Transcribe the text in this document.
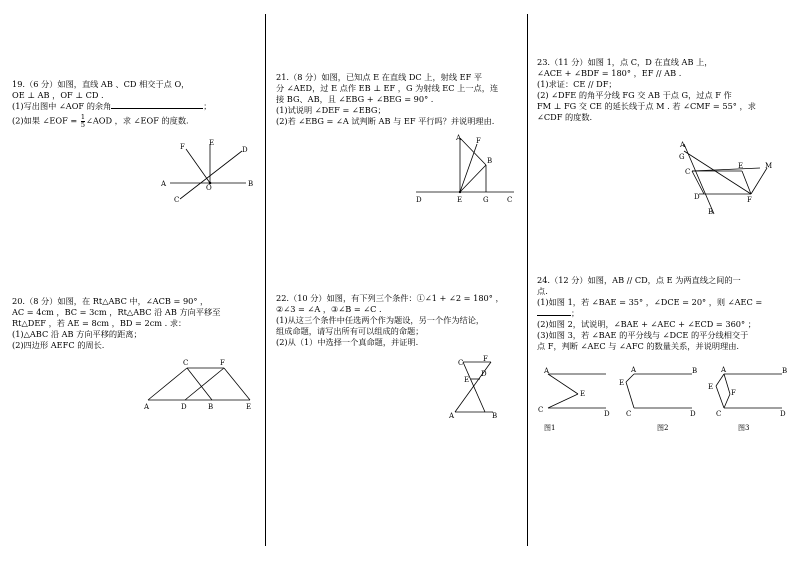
19.（6 分）如图，直线 AB 、CD 相交于点 O，

OE ⊥ AB ，OF ⊥ CD .

(1)写出图中 ∠AOF 的余角	；

(2)如果 ∠EOF = $\frac{1}{5}$ ∠AOD ，求 ∠EOF 的度数.

F	E
D
A	O	B
C

20.（8 分）如图，在 Rt△ABC 中，∠ACB = 90° ，

AC = 4cm ，BC = 3cm ，Rt△ABC 沿 AB 方向平移至

Rt△DEF ，若 AE = 8cm ，BD = 2cm . 求：

(1)△ABC 沿 AB 方向平移的距离；

(2)四边形 AEFC 的周长.

C	F
A	D	B	E

21.（8 分）如图，已知点 E 在直线 DC 上，射线 EF 平

分 ∠AED，过 E 点作 EB ⊥ EF ，G 为射线 EC 上一点，连

接 BG、AB，且 ∠EBG + ∠BEG = 90° .

(1)试说明 ∠DEF = ∠EBG；

(2)若 ∠EBG = ∠A 试判断 AB 与 EF 平行吗？并说明理由.

A F
B
D	E	G	C

22.（10 分）如图，有下列三个条件：①∠1 + ∠2 = 180° ，

②∠3 = ∠A ，③∠B = ∠C .

(1)从这三个条件中任选两个作为题设，另一个作为结论，

组成命题，请写出所有可以组成的命题；

(2)从（1）中选择一个真命题，并证明.

C	F
E
D
A	B

23.（11 分）如图 1，点 C，D 在直线 AB 上，

∠ACE + ∠BDF = 180° ，EF // AB .

(1)求证：CE // DF；

(2) ∠DFE 的角平分线 FG 交 AB 于点 G，过点 F 作

FM ⊥ FG 交 CE 的延长线于点 M . 若 ∠CMF = 55° ，求

∠CDF 的度数.

A
G
C
E	M
D	F
B

24.（12 分）如图，AB // CD，点 E 为两直线之间的一

点.

(1)如图 1，若 ∠BAE = 35° ，∠DCE = 20° ，则 ∠AEC =

；

(2)如图 2，试说明，∠BAE + ∠AEC + ∠ECD = 360° ；

(3)如图 3，若 ∠BAE 的平分线与 ∠DCE 的平分线相交于

点 F，判断 ∠AEC 与 ∠AFC 的数量关系，并说明理由.

A
E
C	D
图1
E
A	B
C	D
图2
A	B
E
F
C	D
图3
